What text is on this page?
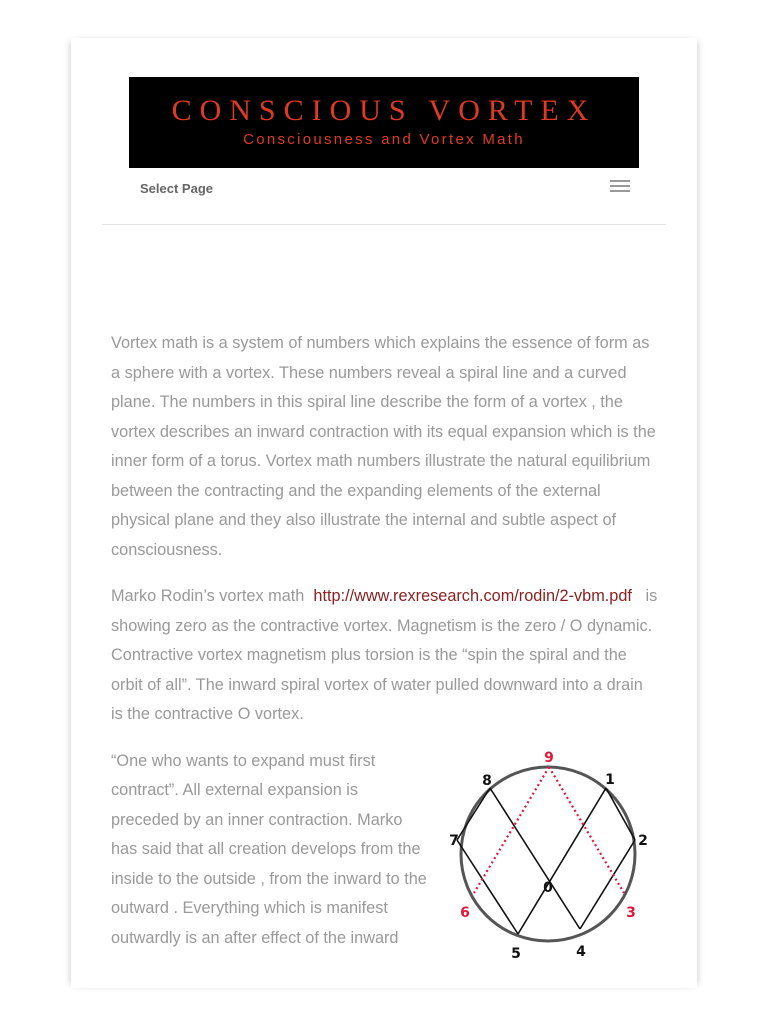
CONSCIOUS VORTEX
Consciousness and Vortex Math
Select Page

Vortex math is a system of numbers which explains the essence of form as a sphere with a vortex. These numbers reveal a spiral line and a curved plane. The numbers in this spiral line describe the form of a vortex , the vortex describes an inward contraction with its equal expansion which is the inner form of a torus. Vortex math numbers illustrate the natural equilibrium between the contracting and the expanding elements of the external physical plane and they also illustrate the internal and subtle aspect of consciousness.

Marko Rodin’s vortex math http://www.rexresearch.com/rodin/2-vbm.pdf is showing zero as the contractive vortex. Magnetism is the zero / O dynamic. Contractive vortex magnetism plus torsion is the “spin the spiral and the orbit of all”. The inward spiral vortex of water pulled downward into a drain is the contractive O vortex.

“One who wants to expand must first contract”. All external expansion is preceded by an inner contraction. Marko has said that all creation develops from the inside to the outside , from the inward to the outward . Everything which is manifest outwardly is an after effect of the inward

9
1
2
3
4
5
6
7
8
0
